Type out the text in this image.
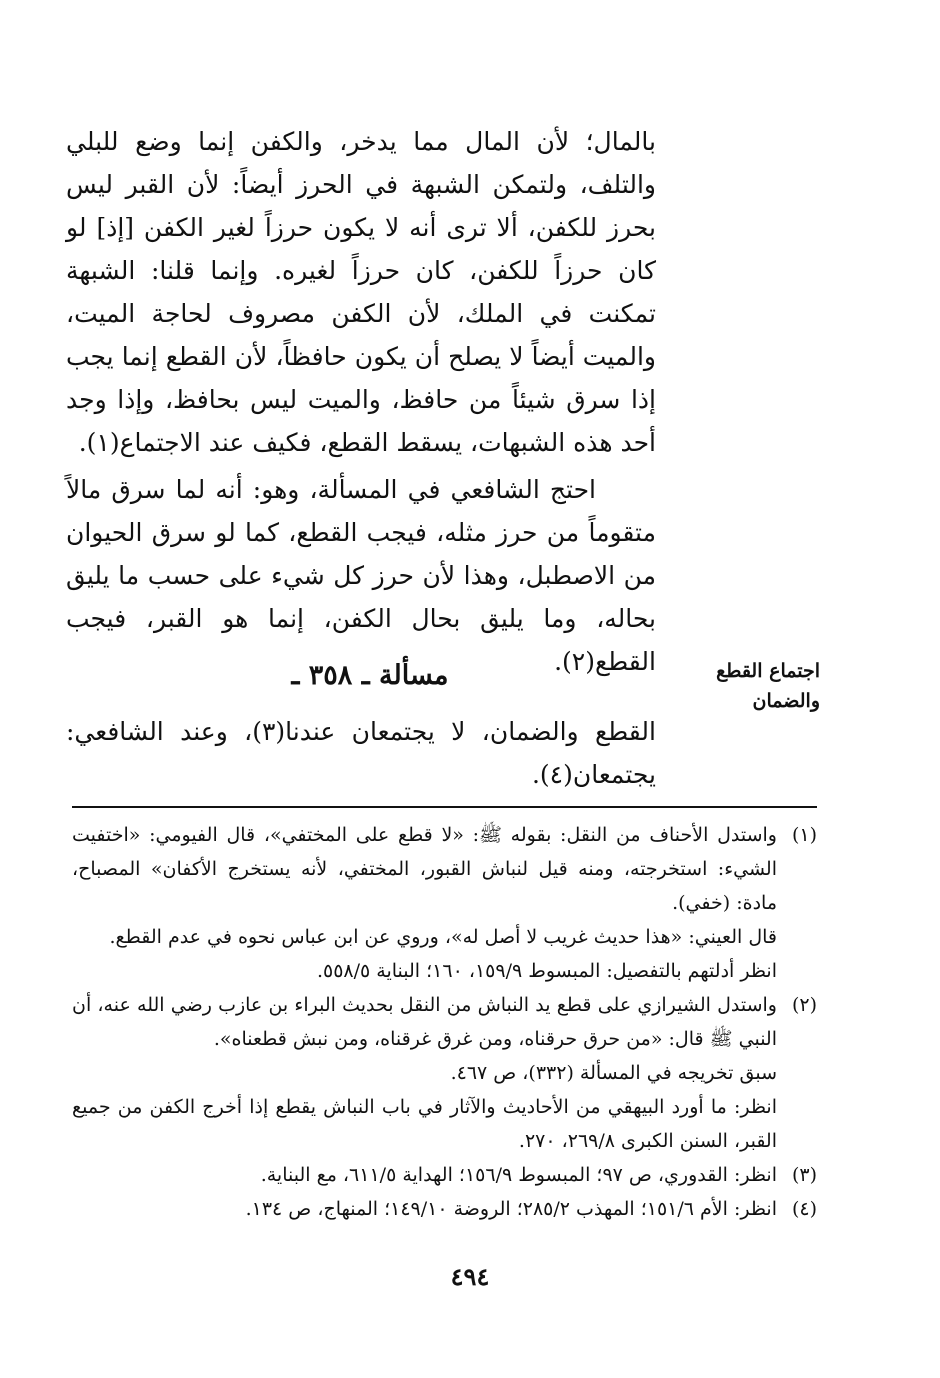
بالمال؛ لأن المال مما يدخر، والكفن إنما وضع للبلي والتلف، ولتمكن الشبهة في الحرز أيضاً: لأن القبر ليس بحرز للكفن، ألا ترى أنه لا يكون حرزاً لغير الكفن [إذ] لو كان حرزاً للكفن، كان حرزاً لغيره. وإنما قلنا: الشبهة تمكنت في الملك، لأن الكفن مصروف لحاجة الميت، والميت أيضاً لا يصلح أن يكون حافظاً، لأن القطع إنما يجب إذا سرق شيئاً من حافظ، والميت ليس بحافظ، وإذا وجد أحد هذه الشبهات، يسقط القطع، فكيف عند الاجتماع(١).

احتج الشافعي في المسألة، وهو: أنه لما سرق مالاً متقوماً من حرز مثله، فيجب القطع، كما لو سرق الحيوان من الاصطبل، وهذا لأن حرز كل شيء على حسب ما يليق بحاله، وما يليق بحال الكفن، إنما هو القبر، فيجب القطع(٢).	اجتماع القطع
والضمان
مسألة ـ ٣٥٨ ـ

القطع والضمان، لا يجتمعان عندنا(٣)، وعند الشافعي: يجتمعان(٤).

(١)

واستدل الأحناف من النقل: بقوله ﷺ: «لا قطع على المختفي»، قال الفيومي: «اختفيت الشيء: استخرجته، ومنه قيل لنباش القبور، المختفي، لأنه يستخرج الأكفان» المصباح، مادة: (خفي).

قال العيني: «هذا حديث غريب لا أصل له»، وروي عن ابن عباس نحوه في عدم القطع.

انظر أدلتهم بالتفصيل: المبسوط ١٥٩/٩، ١٦٠؛ البناية ٥٥٨/٥.

(٢)

واستدل الشيرازي على قطع يد النباش من النقل بحديث البراء بن عازب رضي الله عنه، أن النبي ﷺ قال: «من حرق حرقناه، ومن غرق غرقناه، ومن نبش قطعناه».

سبق تخريجه في المسألة (٣٣٢)، ص ٤٦٧.

انظر: ما أورد البيهقي من الأحاديث والآثار في باب النباش يقطع إذا أخرج الكفن من جميع القبر، السنن الكبرى ٢٦٩/٨، ٢٧٠.

(٣)

انظر: القدوري، ص ٩٧؛ المبسوط ١٥٦/٩؛ الهداية ٦١١/٥، مع البناية.

(٤)

انظر: الأم ١٥١/٦؛ المهذب ٢٨٥/٢؛ الروضة ١٤٩/١٠؛ المنهاج، ص ١٣٤.

٤٩٤
